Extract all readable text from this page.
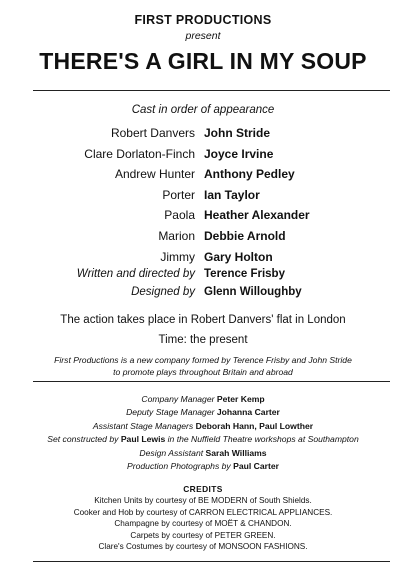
FIRST PRODUCTIONS
present
THERE'S A GIRL IN MY SOUP
Cast in order of appearance
Robert Danvers John Stride
Clare Dorlaton-Finch Joyce Irvine
Andrew Hunter Anthony Pedley
Porter Ian Taylor
Paola Heather Alexander
Marion Debbie Arnold
Jimmy Gary Holton
Written and directed by Terence Frisby
Designed by Glenn Willoughby
The action takes place in Robert Danvers' flat in London
Time: the present
First Productions is a new company formed by Terence Frisby and John Stride
to promote plays throughout Britain and abroad
Company Manager Peter Kemp
Deputy Stage Manager Johanna Carter
Assistant Stage Managers Deborah Hann, Paul Lowther
Set constructed by Paul Lewis in the Nuffield Theatre workshops at Southampton
Design Assistant Sarah Williams
Production Photographs by Paul Carter
CREDITS
Kitchen Units by courtesy of BE MODERN of South Shields.
Cooker and Hob by courtesy of CARRON ELECTRICAL APPLIANCES.
Champagne by courtesy of MOËT & CHANDON.
Carpets by courtesy of PETER GREEN.
Clare's Costumes by courtesy of MONSOON FASHIONS.
